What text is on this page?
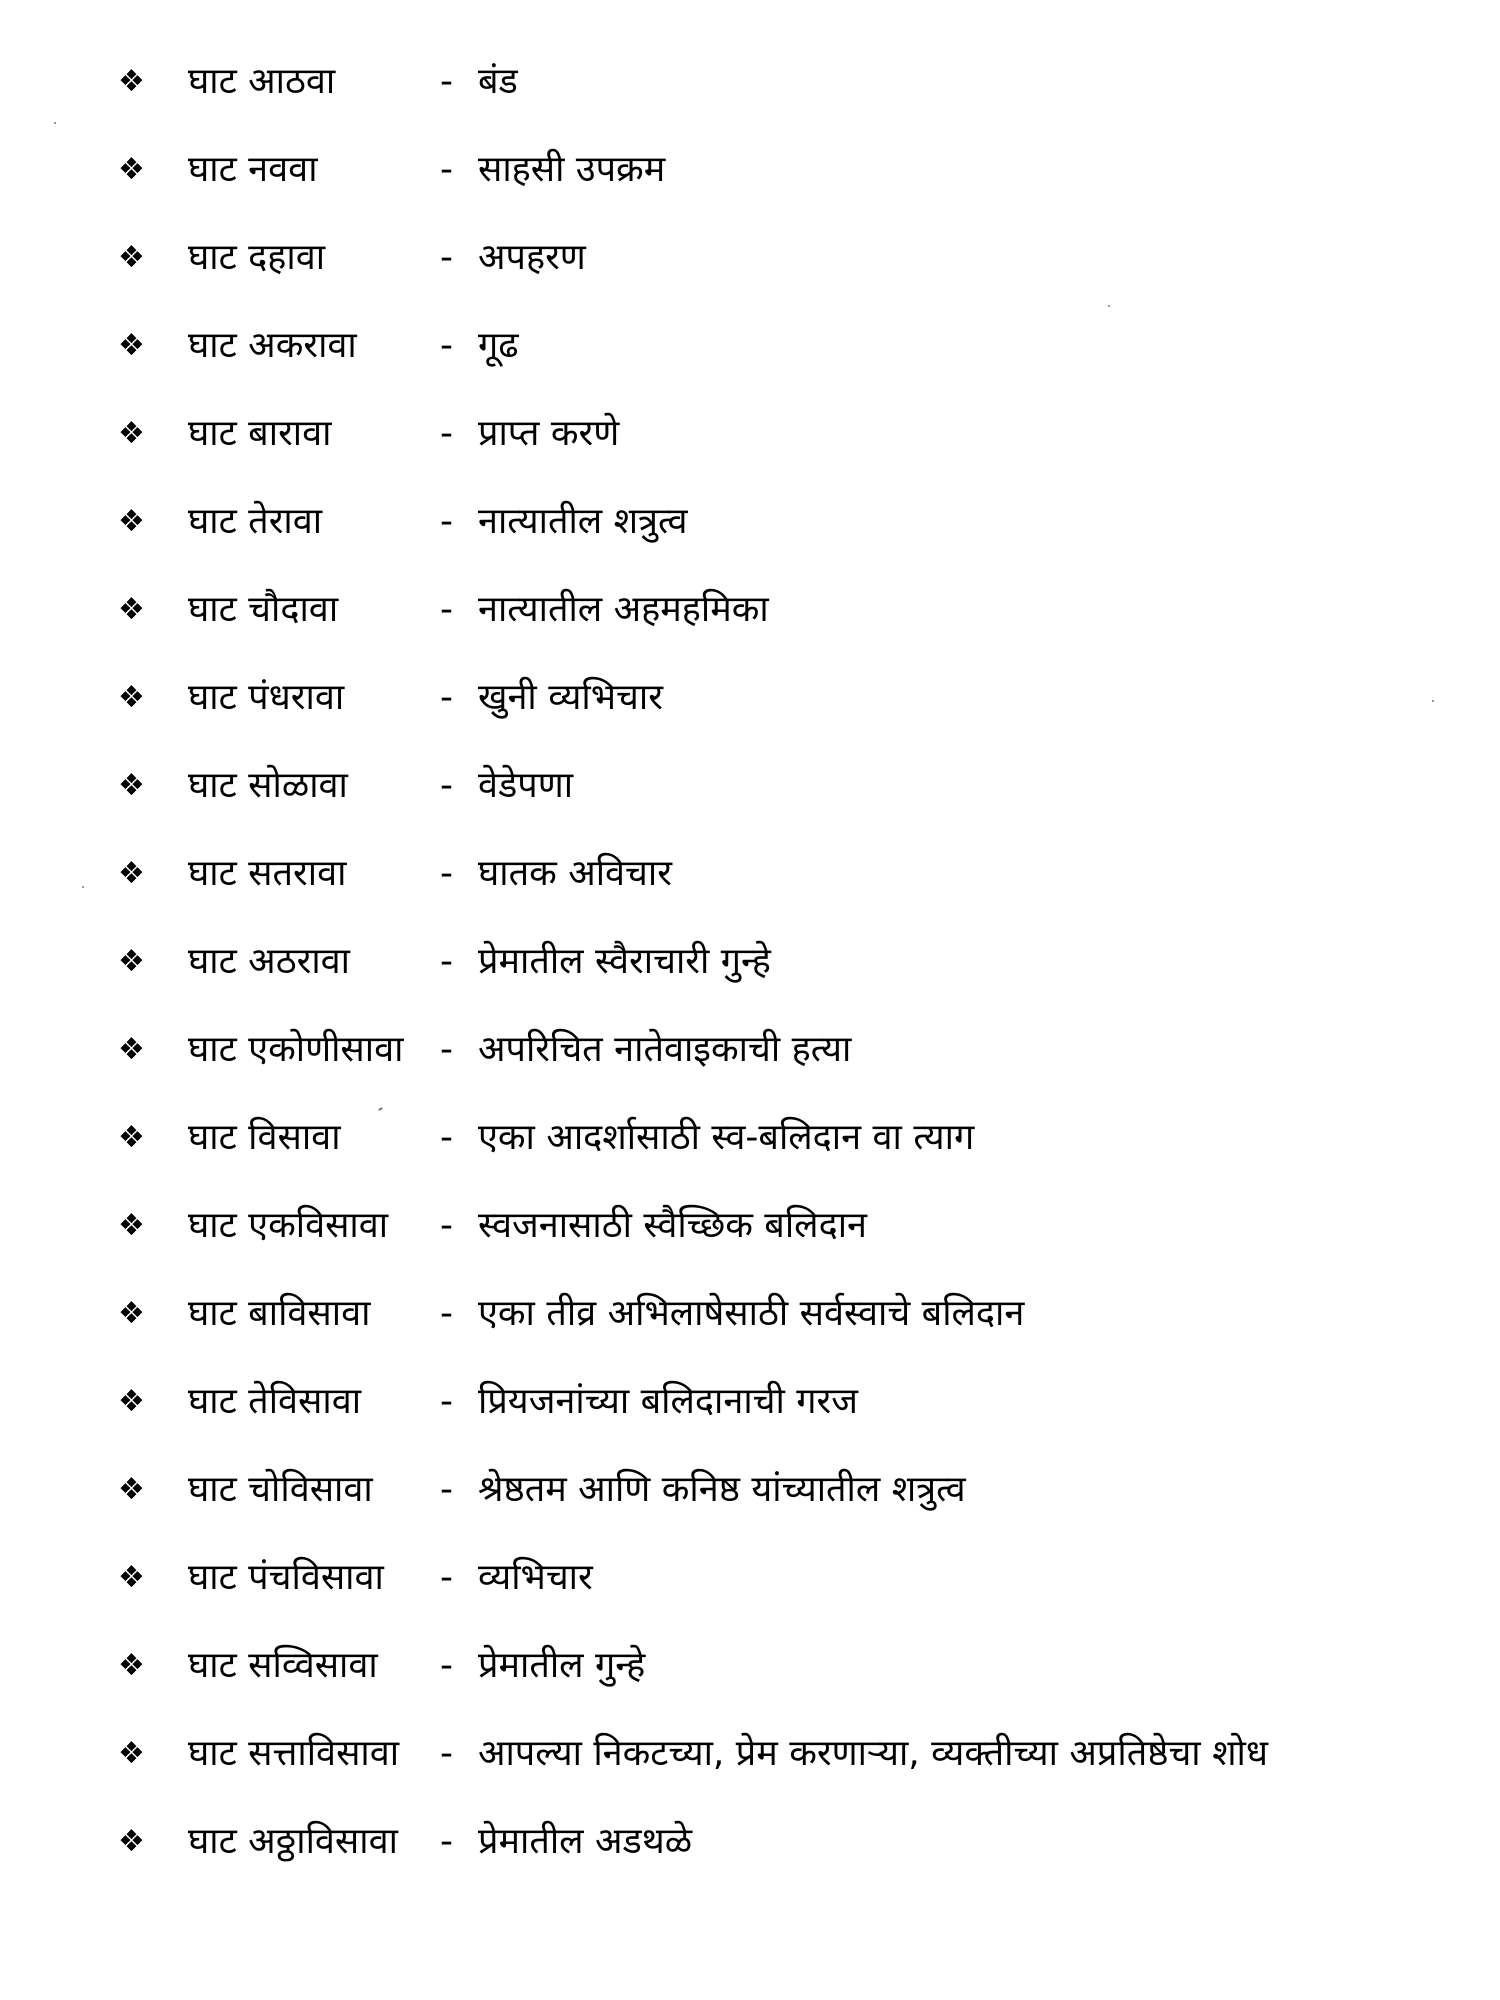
❖	घाट आठवा	- बंड
❖	घाट नववा	- साहसी उपक्रम
❖	घाट दहावा	- अपहरण
❖	घाट अकरावा	- गूढ
❖	घाट बारावा	- प्राप्त करणे
❖	घाट तेरावा	- नात्यातील शत्रुत्व
❖	घाट चौदावा	- नात्यातील अहमहमिका
❖	घाट पंधरावा	- खुनी व्यभिचार
❖	घाट सोळावा	- वेडेपणा
❖	घाट सतरावा	- घातक अविचार
❖	घाट अठरावा	- प्रेमातील स्वैराचारी गुन्हे
❖	घाट एकोणीसावा	- अपरिचित नातेवाइकाची हत्या
❖	घाट विसावा	- एका आदर्शासाठी स्व-बलिदान वा त्याग
❖	घाट एकविसावा	- स्वजनासाठी स्वैच्छिक बलिदान
❖	घाट बाविसावा	- एका तीव्र अभिलाषेसाठी सर्वस्वाचे बलिदान
❖	घाट तेविसावा	- प्रियजनांच्या बलिदानाची गरज
❖	घाट चोविसावा	- श्रेष्ठतम आणि कनिष्ठ यांच्यातील शत्रुत्व
❖	घाट पंचविसावा	- व्यभिचार
❖	घाट सव्विसावा	- प्रेमातील गुन्हे
❖	घाट सत्ताविसावा	- आपल्या निकटच्या, प्रेम करणाऱ्या, व्यक्तीच्या अप्रतिष्ठेचा शोध
❖	घाट अठ्ठाविसावा	- प्रेमातील अडथळे
